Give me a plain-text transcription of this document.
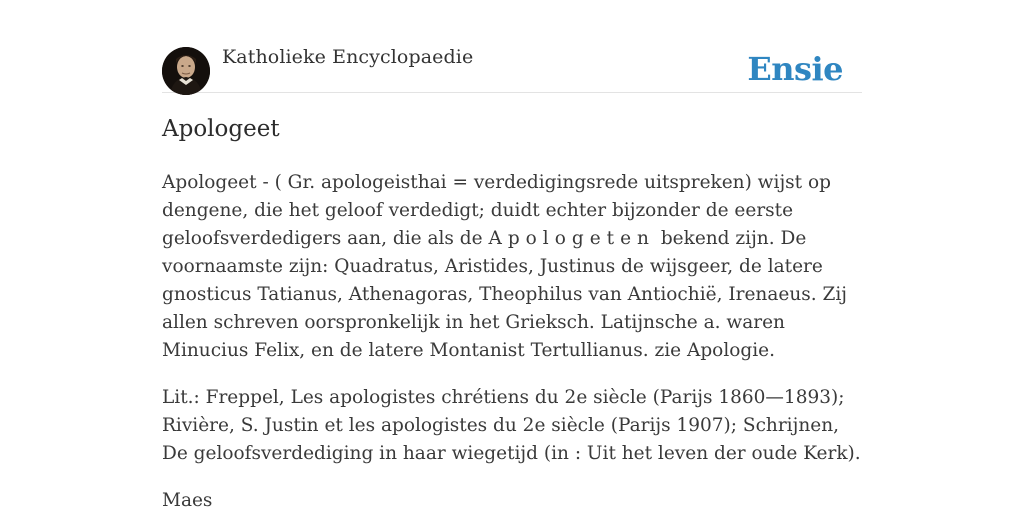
Katholieke Encyclopaedie	Ensie
Apologeet

Apologeet - ( Gr. apologeisthai = verdedigingsrede uitspreken) wijst op dengene, die het geloof verdedigt; duidt echter bijzonder de eerste geloofsverdedigers aan, die als de Apologeten bekend zijn. De voornaamste zijn: Quadratus, Aristides, Justinus de wijsgeer, de latere gnosticus Tatianus, Athenagoras, Theophilus van Antiochië, Irenaeus. Zij allen schreven oorspronkelijk in het Grieksch. Latijnsche a. waren Minucius Felix, en de latere Montanist Tertullianus. zie Apologie.

Lit.: Freppel, Les apologistes chrétiens du 2e siècle (Parijs 1860—1893); Rivière, S. Justin et les apologistes du 2e siècle (Parijs 1907); Schrijnen, De geloofsverdediging in haar wiegetijd (in : Uit het leven der oude Kerk).

Maes
